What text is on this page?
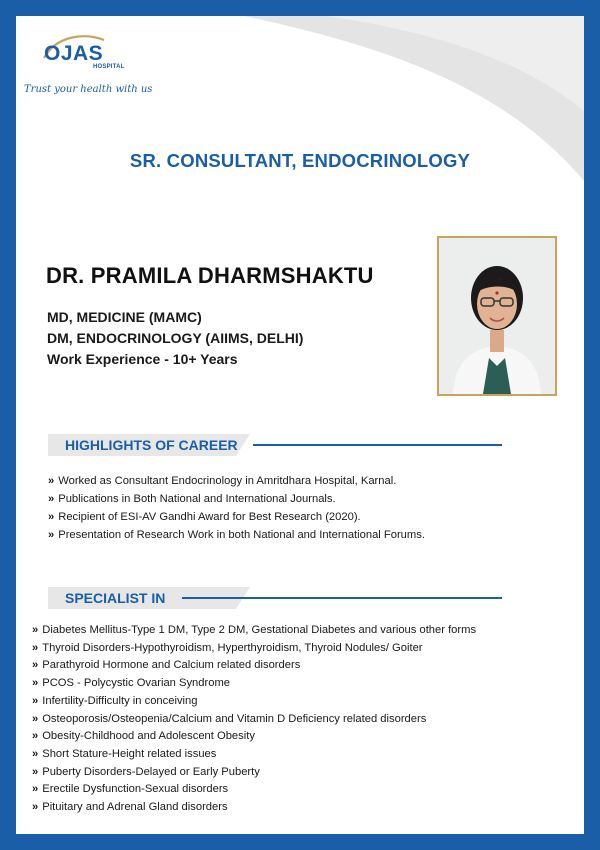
OJAS
HOSPITAL
Trust your health with us
SR. CONSULTANT, ENDOCRINOLOGY
DR. PRAMILA DHARMSHAKTU
MD, MEDICINE (MAMC)
DM, ENDOCRINOLOGY (AIIMS, DELHI)
Work Experience - 10+ Years
HIGHLIGHTS OF CAREER
» Worked as Consultant Endocrinology in Amritdhara Hospital, Karnal.
» Publications in Both National and International Journals.
» Recipient of ESI-AV Gandhi Award for Best Research (2020).
» Presentation of Research Work in both National and International Forums.
SPECIALIST IN
» Diabetes Mellitus-Type 1 DM, Type 2 DM, Gestational Diabetes and various other forms
» Thyroid Disorders-Hypothyroidism, Hyperthyroidism, Thyroid Nodules/ Goiter
» Parathyroid Hormone and Calcium related disorders
» PCOS - Polycystic Ovarian Syndrome
» Infertility-Difficulty in conceiving
» Osteoporosis/Osteopenia/Calcium and Vitamin D Deficiency related disorders
» Obesity-Childhood and Adolescent Obesity
» Short Stature-Height related issues
» Puberty Disorders-Delayed or Early Puberty
» Erectile Dysfunction-Sexual disorders
» Pituitary and Adrenal Gland disorders
